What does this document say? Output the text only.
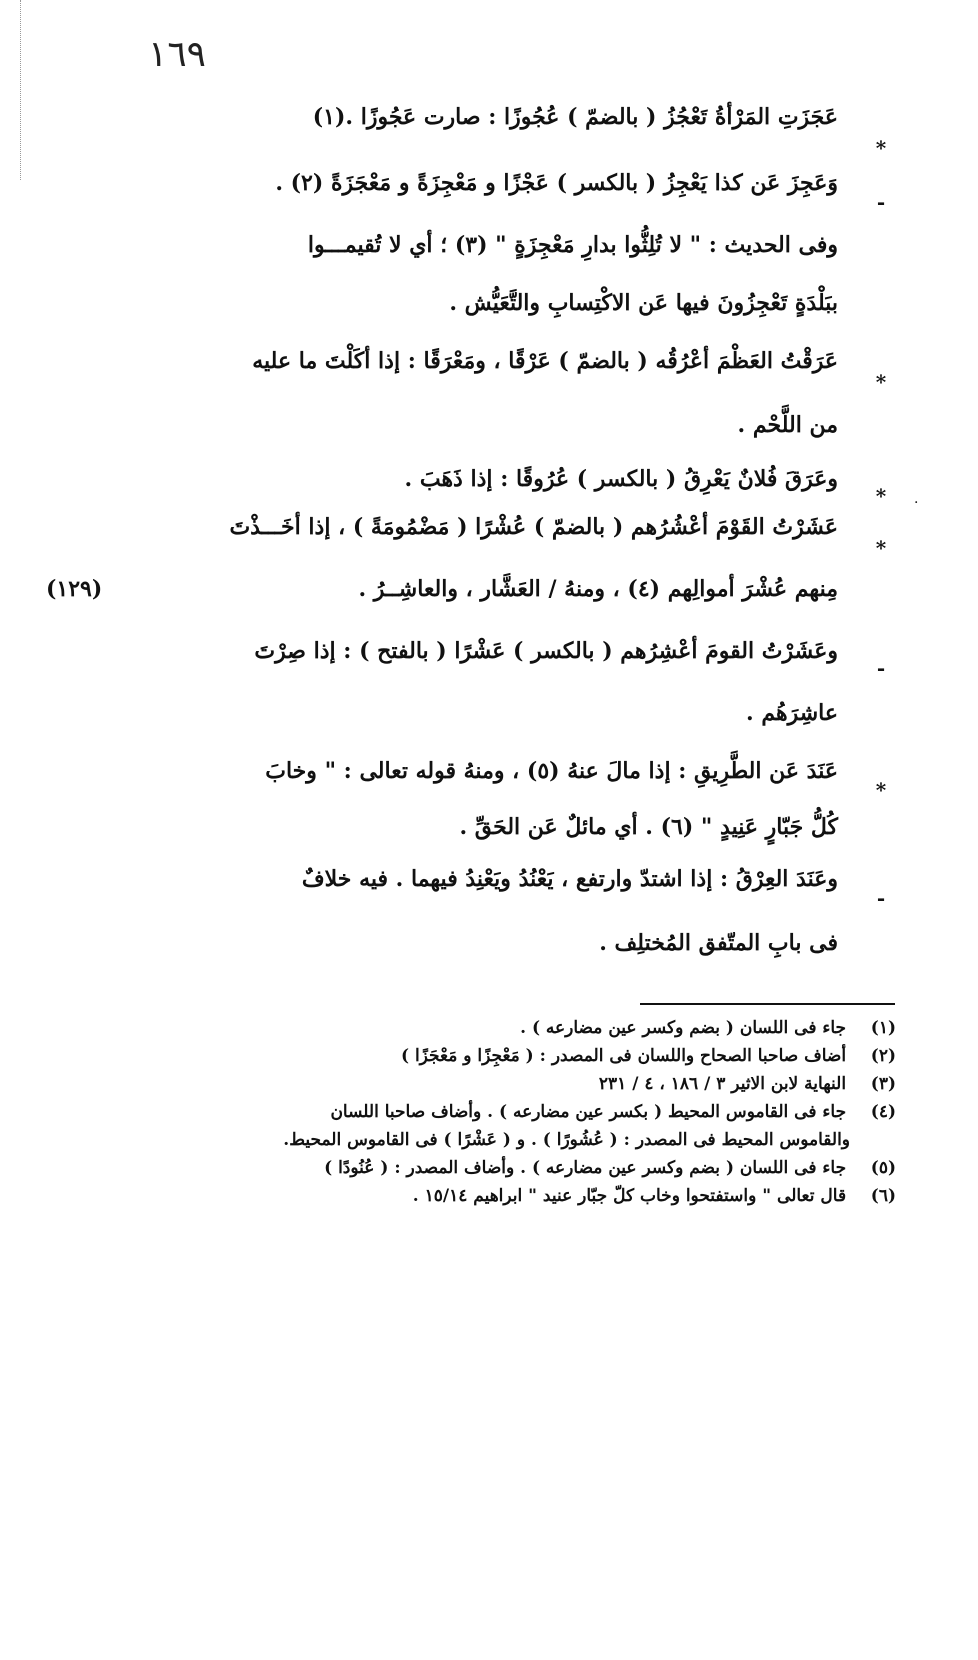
١٦٩
*
عَجَزَتِ المَرْأةُ تَعْجُزُ ( بالضمّ ) عُجُوزًا : صارت عَجُوزًا .(١)
-
وَعَجِزَ عَن كذا يَعْجِزُ ( بالكسر ) عَجْزًا و مَعْجِزَةً و مَعْجَزَةً (٢) .
وفى الحديث : " لا تُلِثُّوا بدارِ مَعْجِزَةٍ " (٣) ؛ أي لا تُقيمـــوا
ببَلْدَةٍ تَعْجِزُونَ فيها عَن الاكْتِسابِ والتَّعَيُّش .
*
عَرَقْتُ العَظْمَ أعْرُقُه ( بالضمّ ) عَرْقًا ، ومَعْرَقًا : إذا أكَلْتَ ما عليه
من اللَّحْم .
*
وعَرَقَ فُلانٌ يَعْرِقُ ( بالكسر ) عُرُوقًا : إذا ذَهَبَ .
*
عَشَرْتُ القَوْمَ أعْشُرُهم ( بالضمّ ) عُشْرًا ( مَضْمُومَةً ) ، إذا أخَـــذْتَ
مِنهم عُشْرَ أموالِهم (٤) ، ومنهُ / العَشَّار ، والعاشِــرُ .
-
وعَشَرْتُ القومَ أعْشِرُهم ( بالكسر ) عَشْرًا ( بالفتح ) : إذا صِرْتَ
عاشِرَهُم .
*
عَنَدَ عَن الطَّرِيقِ : إذا مالَ عنهُ (٥) ، ومنهُ قوله تعالى : " وخابَ
كُلُّ جَبّارٍ عَنِيدٍ " (٦) . أي مائلٌ عَن الحَقِّ .
-
وعَنَدَ العِرْقُ : إذا اشتدّ وارتفع ، يَعْنُدُ ويَعْنِدُ فيهما . فيه خلافٌ
فى بابِ المتّفق المُختلِف .
(١٢٩)
·
(١) جاء فى اللسان ( بضم وكسر عين مضارعه ) .
(٢) أضاف صاحبا الصحاح واللسان فى المصدر : ( مَعْجِزًا و مَعْجَزًا )
(٣) النهاية لابن الاثير ٣ / ١٨٦ ، ٤ / ٢٣١
(٤) جاء فى القاموس المحيط ( بكسر عين مضارعه ) . وأضاف صاحبا اللسان
والقاموس المحيط فى المصدر : ( عُشُورًا ) . و ( عَشْرًا ) فى القاموس المحيط.
(٥) جاء فى اللسان ( بضم وكسر عين مضارعه ) . وأضاف المصدر : ( عُنُودًا )
(٦) قال تعالى " واستفتحوا وخاب كلّ جبّار عنيد " ابراهيم ١٥/١٤ .
